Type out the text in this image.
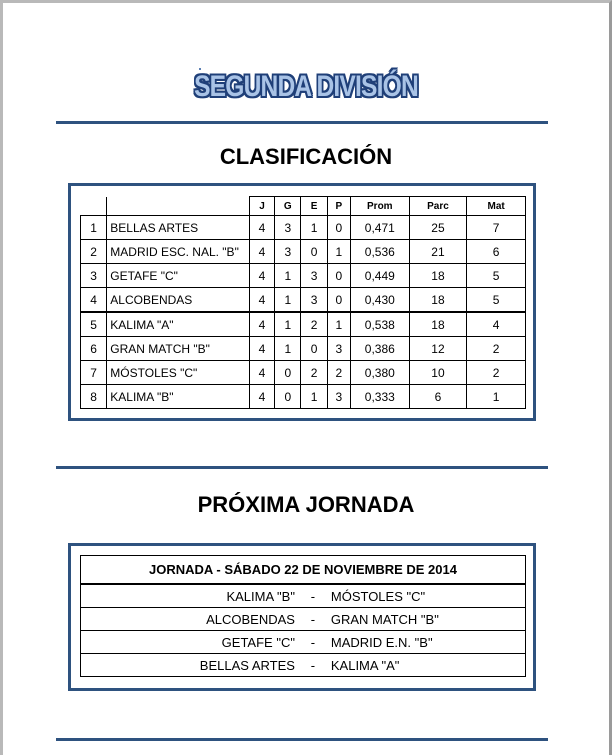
SEGUNDA DIVISIÓN
CLASIFICACIÓN
		J	G	E	P	Prom	Parc	Mat
1	BELLAS ARTES	4	3	1	0	0,471	25	7
2	MADRID ESC. NAL. "B"	4	3	0	1	0,536	21	6
3	GETAFE "C"	4	1	3	0	0,449	18	5
4	ALCOBENDAS	4	1	3	0	0,430	18	5
5	KALIMA "A"	4	1	2	1	0,538	18	4
6	GRAN MATCH "B"	4	1	0	3	0,386	12	2
7	MÓSTOLES "C"	4	0	2	2	0,380	10	2
8	KALIMA "B"	4	0	1	3	0,333	6	1
PRÓXIMA JORNADA
JORNADA - SÁBADO 22 DE NOVIEMBRE DE 2014		
KALIMA "B"	-	MÓSTOLES "C"
ALCOBENDAS	-	GRAN MATCH "B"
GETAFE "C"	-	MADRID E.N. "B"
BELLAS ARTES	-	KALIMA "A"
